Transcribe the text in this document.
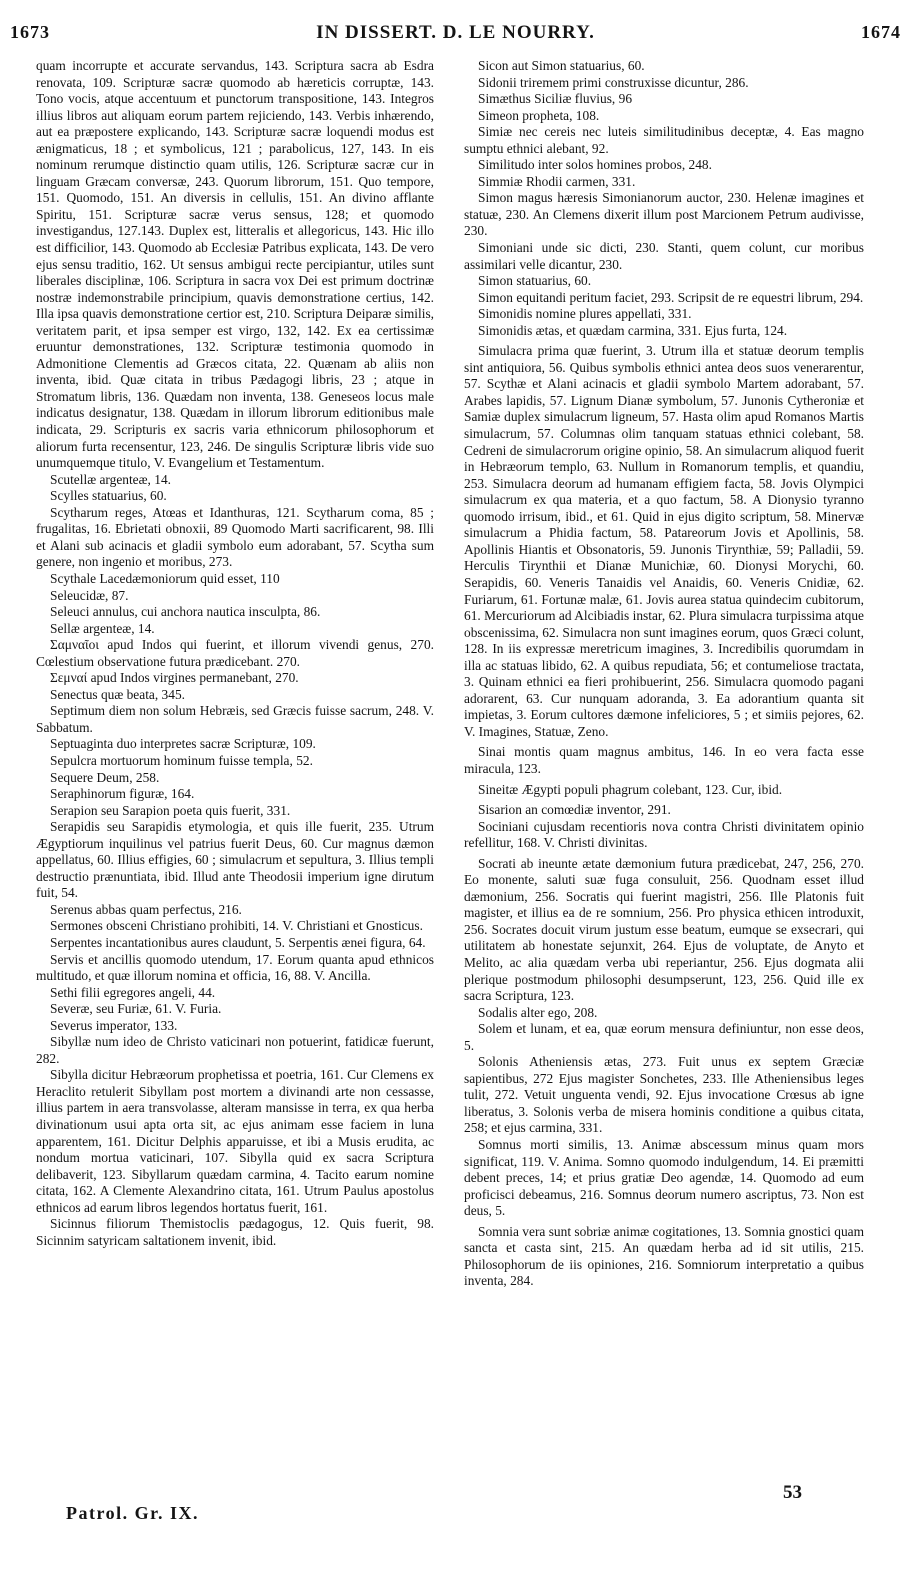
1673	IN DISSERT. D. LE NOURRY.	1674

quam incorrupte et accurate servandus, 143. Scriptura sacra ab Esdra renovata, 109. Scripturæ sacræ quomodo ab hæreticis corruptæ, 143. Tono vocis, atque accentuum et punctorum transpositione, 143. Integros illius libros aut aliquam eorum partem rejiciendo, 143. Verbis inhærendo, aut ea præpostere explicando, 143. Scripturæ sacræ loquendi modus est ænigmaticus, 18 ; et symbolicus, 121 ; parabolicus, 127, 143. In eis nominum rerumque distinctio quam utilis, 126. Scripturæ sacræ cur in linguam Græcam conversæ, 243. Quorum librorum, 151. Quo tempore, 151. Quomodo, 151. An diversis in cellulis, 151. An divino afflante Spiritu, 151. Scripturæ sacræ verus sensus, 128; et quomodo investigandus, 127.143. Duplex est, litteralis et allegoricus, 143. Hic illo est difficilior, 143. Quomodo ab Ecclesiæ Patribus explicata, 143. De vero ejus sensu traditio, 162. Ut sensus ambigui recte percipiantur, utiles sunt liberales disciplinæ, 106. Scriptura in sacra vox Dei est primum doctrinæ nostræ indemonstrabile principium, quavis demonstratione certius, 142. Illa ipsa quavis demonstratione certior est, 210. Scriptura Deiparæ similis, veritatem parit, et ipsa semper est virgo, 132, 142. Ex ea certissimæ eruuntur demonstrationes, 132. Scripturæ testimonia quomodo in Admonitione Clementis ad Græcos citata, 22. Quænam ab aliis non inventa, ibid. Quæ citata in tribus Pædagogi libris, 23 ; atque in Stromatum libris, 136. Quædam non inventa, 138. Geneseos locus male indicatus designatur, 138. Quædam in illorum librorum editionibus male indicata, 29. Scripturis ex sacris varia ethnicorum philosophorum et aliorum furta recensentur, 123, 246. De singulis Scripturæ libris vide suo unumquemque titulo, V. Evangelium et Testamentum.

Scutellæ argenteæ, 14.

Scylles statuarius, 60.

Scytharum reges, Atœas et Idanthuras, 121. Scytharum coma, 85 ; frugalitas, 16. Ebrietati obnoxii, 89 Quomodo Marti sacrificarent, 98. Illi et Alani sub acinacis et gladii symbolo eum adorabant, 57. Scytha sum genere, non ingenio et moribus, 273.

Scythale Lacedæmoniorum quid esset, 110

Seleucidæ, 87.

Seleuci annulus, cui anchora nautica insculpta, 86.

Sellæ argenteæ, 14.

Σαμναῖοι apud Indos qui fuerint, et illorum vivendi genus, 270. Cœlestium observatione futura prædicebant. 270.

Σεμναί apud Indos virgines permanebant, 270.

Senectus quæ beata, 345.

Septimum diem non solum Hebræis, sed Græcis fuisse sacrum, 248. V. Sabbatum.

Septuaginta duo interpretes sacræ Scripturæ, 109.

Sepulcra mortuorum hominum fuisse templa, 52.

Sequere Deum, 258.

Seraphinorum figuræ, 164.

Serapion seu Sarapion poeta quis fuerit, 331.

Serapidis seu Sarapidis etymologia, et quis ille fuerit, 235. Utrum Ægyptiorum inquilinus vel patrius fuerit Deus, 60. Cur magnus dæmon appellatus, 60. Illius effigies, 60 ; simulacrum et sepultura, 3. Illius templi destructio prænuntiata, ibid. Illud ante Theodosii imperium igne dirutum fuit, 54.

Serenus abbas quam perfectus, 216.

Sermones obsceni Christiano prohibiti, 14. V. Christiani et Gnosticus.

Serpentes incantationibus aures claudunt, 5. Serpentis ænei figura, 64.

Servis et ancillis quomodo utendum, 17. Eorum quanta apud ethnicos multitudo, et quæ illorum nomina et officia, 16, 88. V. Ancilla.

Sethi filii egregores angeli, 44.

Severæ, seu Furiæ, 61. V. Furia.

Severus imperator, 133.

Sibyllæ num ideo de Christo vaticinari non potuerint, fatidicæ fuerunt, 282.

Sibylla dicitur Hebræorum prophetissa et poetria, 161. Cur Clemens ex Heraclito retulerit Sibyllam post mortem a divinandi arte non cessasse, illius partem in aera transvolasse, alteram mansisse in terra, ex qua herba divinationum usui apta orta sit, ac ejus animam esse faciem in luna apparentem, 161. Dicitur Delphis apparuisse, et ibi a Musis erudita, ac nondum mortua vaticinari, 107. Sibylla quid ex sacra Scriptura delibaverit, 123. Sibyllarum quædam carmina, 4. Tacito earum nomine citata, 162. A Clemente Alexandrino citata, 161. Utrum Paulus apostolus ethnicos ad earum libros legendos hortatus fuerit, 161.

Sicinnus filiorum Themistoclis pædagogus, 12. Quis fuerit, 98. Sicinnim satyricam saltationem invenit, ibid.

Sicon aut Simon statuarius, 60.

Sidonii triremem primi construxisse dicuntur, 286.

Simæthus Siciliæ fluvius, 96

Simeon propheta, 108.

Simiæ nec cereis nec luteis similitudinibus deceptæ, 4. Eas magno sumptu ethnici alebant, 92.

Similitudo inter solos homines probos, 248.

Simmiæ Rhodii carmen, 331.

Simon magus hæresis Simonianorum auctor, 230. Helenæ imagines et statuæ, 230. An Clemens dixerit illum post Marcionem Petrum audivisse, 230.

Simoniani unde sic dicti, 230. Stanti, quem colunt, cur moribus assimilari velle dicantur, 230.

Simon statuarius, 60.

Simon equitandi peritum faciet, 293. Scripsit de re equestri librum, 294.

Simonidis nomine plures appellati, 331.

Simonidis ætas, et quædam carmina, 331. Ejus furta, 124.

Simulacra prima quæ fuerint, 3. Utrum illa et statuæ deorum templis sint antiquiora, 56. Quibus symbolis ethnici antea deos suos venerarentur, 57. Scythæ et Alani acinacis et gladii symbolo Martem adorabant, 57. Arabes lapidis, 57. Lignum Dianæ symbolum, 57. Junonis Cytheroniæ et Samiæ duplex simulacrum ligneum, 57. Hasta olim apud Romanos Martis simulacrum, 57. Columnas olim tanquam statuas ethnici colebant, 58. Cedreni de simulacrorum origine opinio, 58. An simulacrum aliquod fuerit in Hebræorum templo, 63. Nullum in Romanorum templis, et quandiu, 253. Simulacra deorum ad humanam effigiem facta, 58. Jovis Olympici simulacrum ex qua materia, et a quo factum, 58. A Dionysio tyranno quomodo irrisum, ibid., et 61. Quid in ejus digito scriptum, 58. Minervæ simulacrum a Phidia factum, 58. Patareorum Jovis et Apollinis, 58. Apollinis Hiantis et Obsonatoris, 59. Junonis Tirynthiæ, 59; Palladii, 59. Herculis Tirynthii et Dianæ Munichiæ, 60. Dionysi Morychi, 60. Serapidis, 60. Veneris Tanaidis vel Anaidis, 60. Veneris Cnidiæ, 62. Furiarum, 61. Fortunæ malæ, 61. Jovis aurea statua quindecim cubitorum, 61. Mercuriorum ad Alcibiadis instar, 62. Plura simulacra turpissima atque obscenissima, 62. Simulacra non sunt imagines eorum, quos Græci colunt, 128. In iis expressæ meretricum imagines, 3. Incredibilis quorumdam in illa ac statuas libido, 62. A quibus repudiata, 56; et contumeliose tractata, 3. Quinam ethnici ea fieri prohibuerint, 256. Simulacra quomodo pagani adorarent, 63. Cur nunquam adoranda, 3. Ea adorantium quanta sit impietas, 3. Eorum cultores dæmone infeliciores, 5 ; et simiis pejores, 62. V. Imagines, Statuæ, Zeno.

Sinai montis quam magnus ambitus, 146. In eo vera facta esse miracula, 123.

Sineitæ Ægypti populi phagrum colebant, 123. Cur, ibid.

Sisarion an comœdiæ inventor, 291.

Sociniani cujusdam recentioris nova contra Christi divinitatem opinio refellitur, 168. V. Christi divinitas.

Socrati ab ineunte ætate dæmonium futura prædicebat, 247, 256, 270. Eo monente, saluti suæ fuga consuluit, 256. Quodnam esset illud dæmonium, 256. Socratis qui fuerint magistri, 256. Ille Platonis fuit magister, et illius ea de re somnium, 256. Pro physica ethicen introduxit, 256. Socrates docuit virum justum esse beatum, eumque se exsecrari, qui utilitatem ab honestate sejunxit, 264. Ejus de voluptate, de Anyto et Melito, ac alia quædam verba ubi reperiantur, 256. Ejus dogmata alii plerique postmodum philosophi desumpserunt, 123, 256. Quid ille ex sacra Scriptura, 123.

Sodalis alter ego, 208.

Solem et lunam, et ea, quæ eorum mensura definiuntur, non esse deos, 5.

Solonis Atheniensis ætas, 273. Fuit unus ex septem Græciæ sapientibus, 272 Ejus magister Sonchetes, 233. Ille Atheniensibus leges tulit, 272. Vetuit unguenta vendi, 92. Ejus invocatione Crœsus ab igne liberatus, 3. Solonis verba de misera hominis conditione a quibus citata, 258; et ejus carmina, 331.

Somnus morti similis, 13. Animæ abscessum minus quam mors significat, 119. V. Anima. Somno quomodo indulgendum, 14. Ei præmitti debent preces, 14; et prius gratiæ Deo agendæ, 14. Quomodo ad eum proficisci debeamus, 216. Somnus deorum numero ascriptus, 73. Non est deus, 5.

Somnia vera sunt sobriæ animæ cogitationes, 13. Somnia gnostici quam sancta et casta sint, 215. An quædam herba ad id sit utilis, 215. Philosophorum de iis opiniones, 216. Somniorum interpretatio a quibus inventa, 284.

Patrol. Gr. IX.
53
